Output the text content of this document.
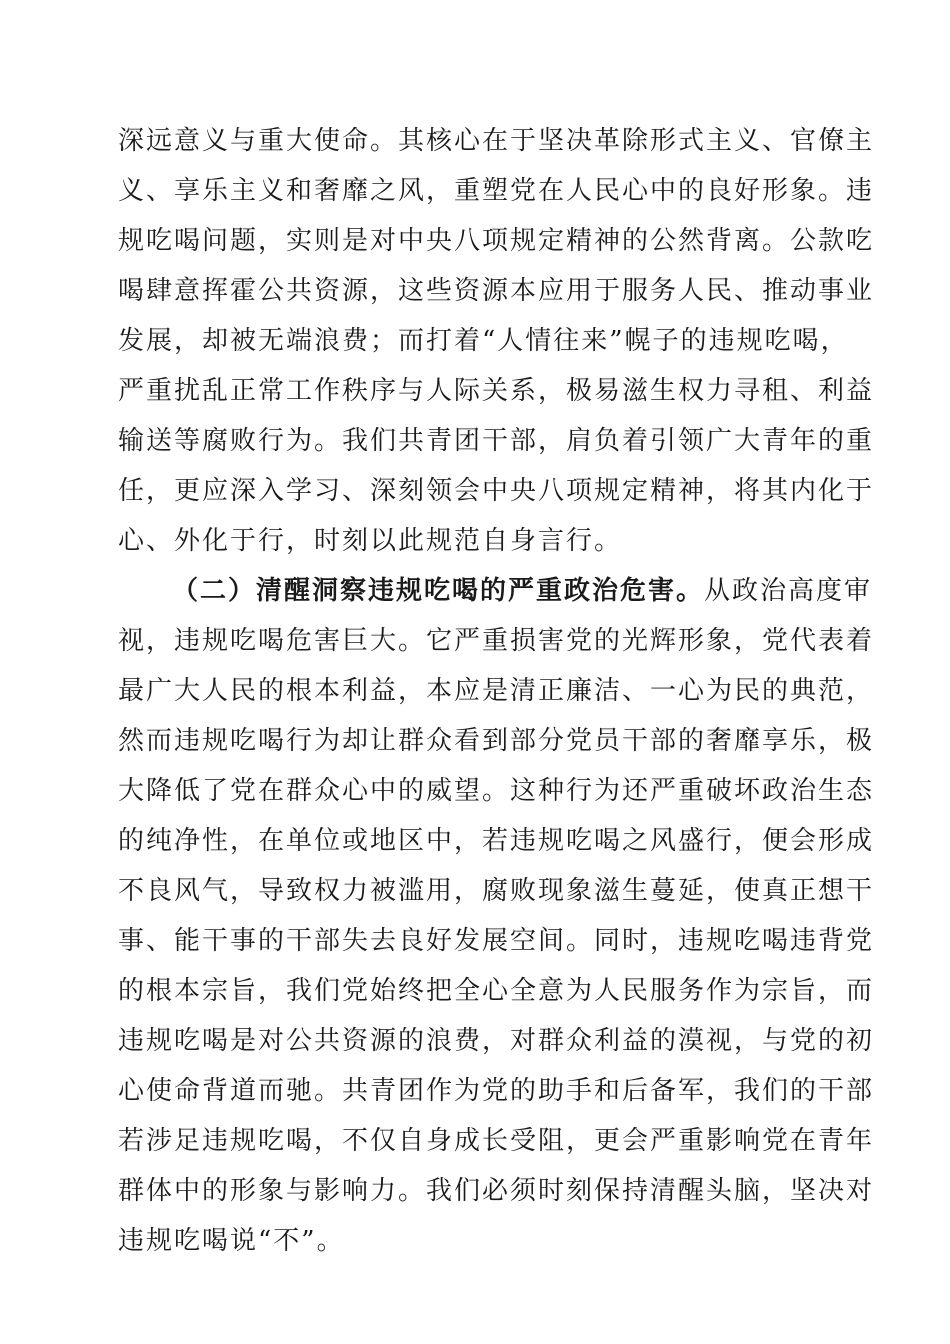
深远意义与重大使命。其核心在于坚决革除形式主义、官僚主
义、享乐主义和奢靡之风，重塑党在人民心中的良好形象。违
规吃喝问题，实则是对中央八项规定精神的公然背离。公款吃
喝肆意挥霍公共资源，这些资源本应用于服务人民、推动事业
发展，却被无端浪费；而打着“人情往来”幌子的违规吃喝，
严重扰乱正常工作秩序与人际关系，极易滋生权力寻租、利益
输送等腐败行为。我们共青团干部，肩负着引领广大青年的重
任，更应深入学习、深刻领会中央八项规定精神，将其内化于
心、外化于行，时刻以此规范自身言行。
（二）清醒洞察违规吃喝的严重政治危害。从政治高度审
视，违规吃喝危害巨大。它严重损害党的光辉形象，党代表着
最广大人民的根本利益，本应是清正廉洁、一心为民的典范，
然而违规吃喝行为却让群众看到部分党员干部的奢靡享乐，极
大降低了党在群众心中的威望。这种行为还严重破坏政治生态
的纯净性，在单位或地区中，若违规吃喝之风盛行，便会形成
不良风气，导致权力被滥用，腐败现象滋生蔓延，使真正想干
事、能干事的干部失去良好发展空间。同时，违规吃喝违背党
的根本宗旨，我们党始终把全心全意为人民服务作为宗旨，而
违规吃喝是对公共资源的浪费，对群众利益的漠视，与党的初
心使命背道而驰。共青团作为党的助手和后备军，我们的干部
若涉足违规吃喝，不仅自身成长受阻，更会严重影响党在青年
群体中的形象与影响力。我们必须时刻保持清醒头脑，坚决对
违规吃喝说“不”。
